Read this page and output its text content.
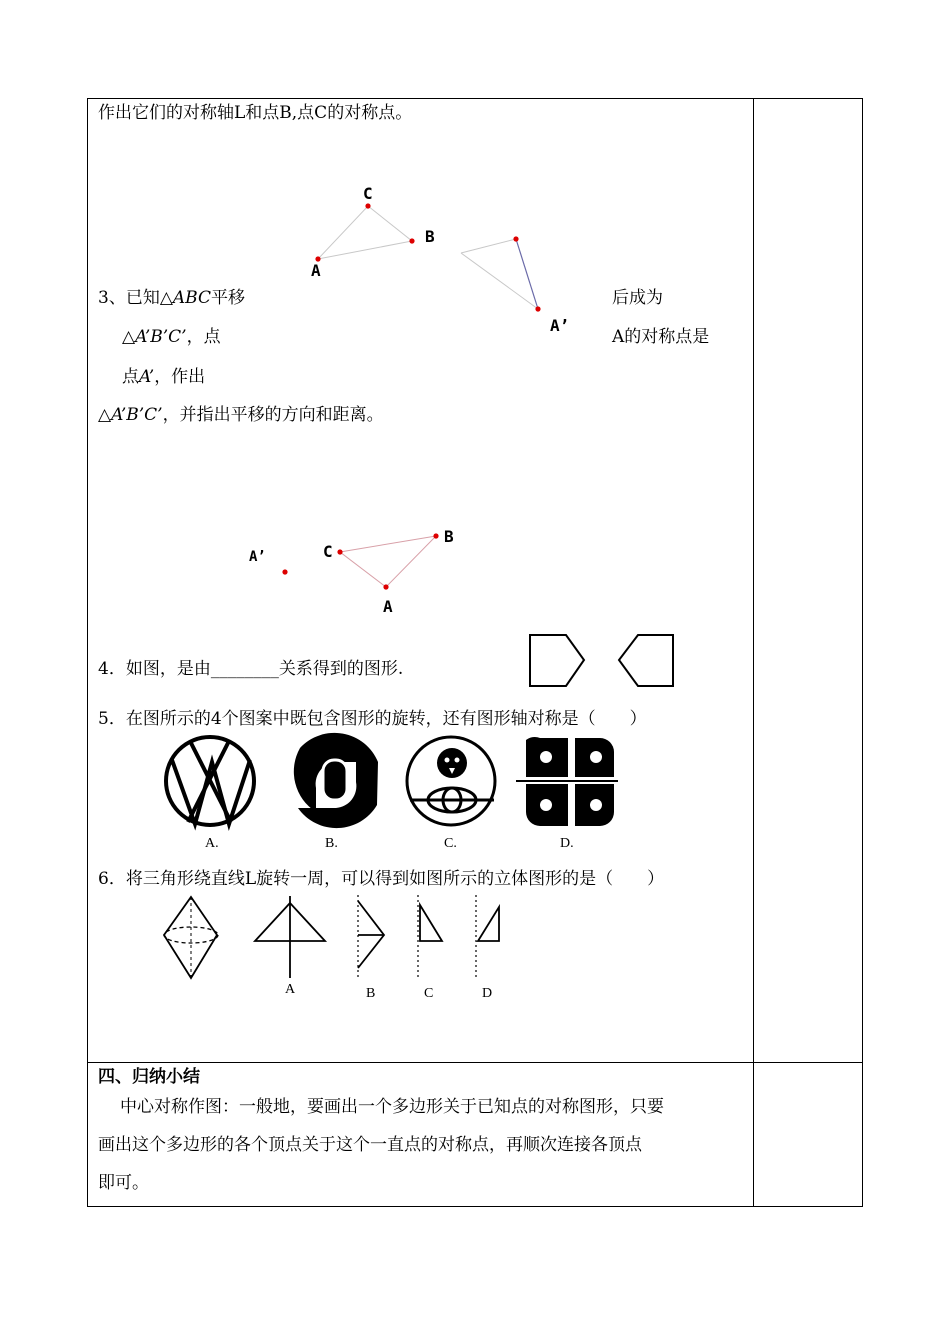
作出它们的对称轴L和点B,点C的对称点。
C
B
A
A’
3、已知△ABC平移	后成为
△A’B’C’，点	A的对称点是
点A’，作出
△A’B’C’，并指出平移的方向和距离。
A’	C
B
A
4．如图，是由________关系得到的图形.
5．在图所示的4个图案中既包含图形的旋转，还有图形轴对称是（　　）
A.	B.	C.	D.
6．将三角形绕直线L旋转一周，可以得到如图所示的立体图形的是（　　）
A	B	C	D
四、归纳小结
中心对称作图：一般地，要画出一个多边形关于已知点的对称图形，只要
画出这个多边形的各个顶点关于这个一直点的对称点，再顺次连接各顶点
即可。
